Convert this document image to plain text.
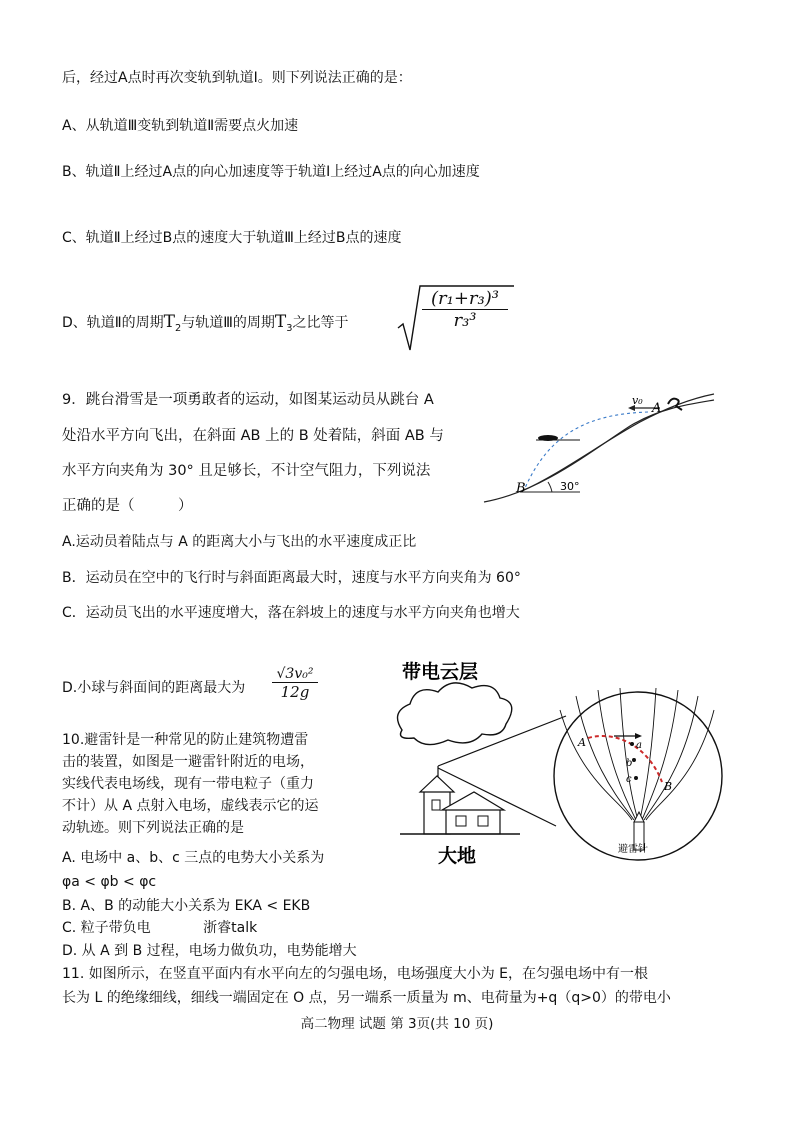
后，经过A点时再次变轨到轨道Ⅰ。则下列说法正确的是：
A、从轨道Ⅲ变轨到轨道Ⅱ需要点火加速
B、轨道Ⅱ上经过A点的向心加速度等于轨道Ⅰ上经过A点的向心加速度
C、轨道Ⅱ上经过B点的速度大于轨道Ⅲ上经过B点的速度
D、轨道Ⅱ的周期$T_2$与轨道Ⅲ的周期$T_3$之比等于
(r₁+r₃)³
r₃³
9．跳台滑雪是一项勇敢者的运动，如图某运动员从跳台 A
处沿水平方向飞出，在斜面 AB 上的 B 处着陆，斜面 AB 与
水平方向夹角为 30° 且足够长，不计空气阻力，下列说法
正确的是（　　　）
A.运动员着陆点与 A 的距离大小与飞出的水平速度成正比
B．运动员在空中的飞行时与斜面距离最大时，速度与水平方向夹角为 60°
C．运动员飞出的水平速度增大，落在斜坡上的速度与水平方向夹角也增大
D.小球与斜面间的距离最大为
√3v₀²
12g
v₀
A
B	30°
10.避雷针是一种常见的防止建筑物遭雷
击的装置，如图是一避雷针附近的电场，
实线代表电场线，现有一带电粒子（重力
不计）从 A 点射入电场，虚线表示它的运
动轨迹。则下列说法正确的是
A. 电场中 a、b、c 三点的电势大小关系为
φa < φb < φc
B. A、B 的动能大小关系为 EKA < EKB
C. 粒子带负电	浙睿talk
D. 从 A 到 B 过程，电场力做负功，电势能增大
带电云层
大地
a
b
c
A
B
避雷针
11. 如图所示，在竖直平面内有水平向左的匀强电场，电场强度大小为 E，在匀强电场中有一根
长为 L 的绝缘细线，细线一端固定在 O 点，另一端系一质量为 m、电荷量为+q（q>0）的带电小
高二物理 试题 第 3页(共 10 页)
